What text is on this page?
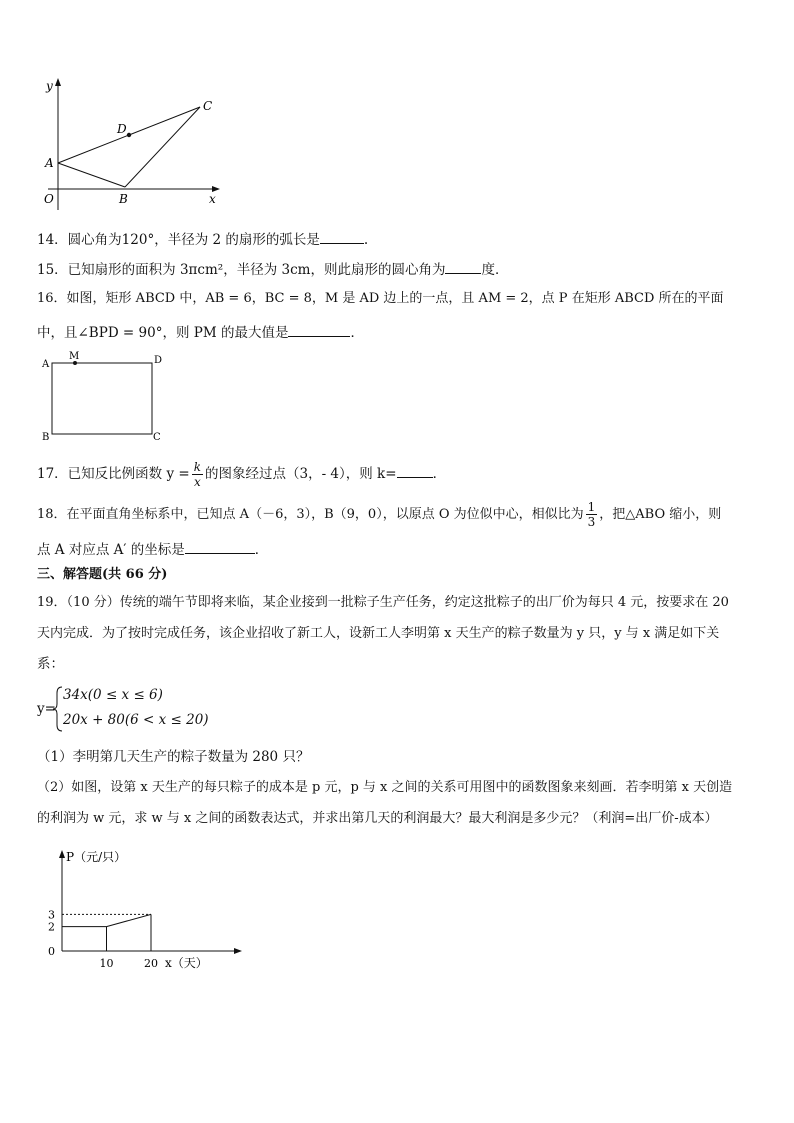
y
x
O
A
B
C
D
14．圆心角为120°，半径为 2 的扇形的弧长是	.
15．已知扇形的面积为 3πcm²，半径为 3cm，则此扇形的圆心角为	度．
16．如图，矩形 ABCD 中，AB = 6，BC = 8，M 是 AD 边上的一点，且 AM = 2，点 P 在矩形 ABCD 所在的平面
中，且∠BPD = 90°，则 PM 的最大值是	．
A
M	D
B	C
17．已知反比例函数 $y = \frac{k}{x}$ 的图象经过点（3，- 4），则 k=	．
18．在平面直角坐标系中，已知点 A（－6，3），B（9，0），以原点 O 为位似中心，相似比为 $\frac{1}{3}$ ，把△ABO 缩小，则
点 A 对应点 A′ 的坐标是	．
三、解答题(共 66 分)
19．（10 分）传统的端午节即将来临，某企业接到一批粽子生产任务，约定这批粽子的出厂价为每只 4 元，按要求在 20
天内完成．为了按时完成任务，该企业招收了新工人，设新工人李明第 x 天生产的粽子数量为 y 只，y 与 x 满足如下关
系：
y=
34x(0 ≤ x ≤ 6)
20x + 80(6 < x ≤ 20)
（1）李明第几天生产的粽子数量为 280 只？
（2）如图，设第 x 天生产的每只粽子的成本是 p 元，p 与 x 之间的关系可用图中的函数图象来刻画．若李明第 x 天创造
的利润为 w 元，求 w 与 x 之间的函数表达式，并求出第几天的利润最大？最大利润是多少元？（利润=出厂价-成本）
0
2
3
10	20
P（元/只）
x（天）
